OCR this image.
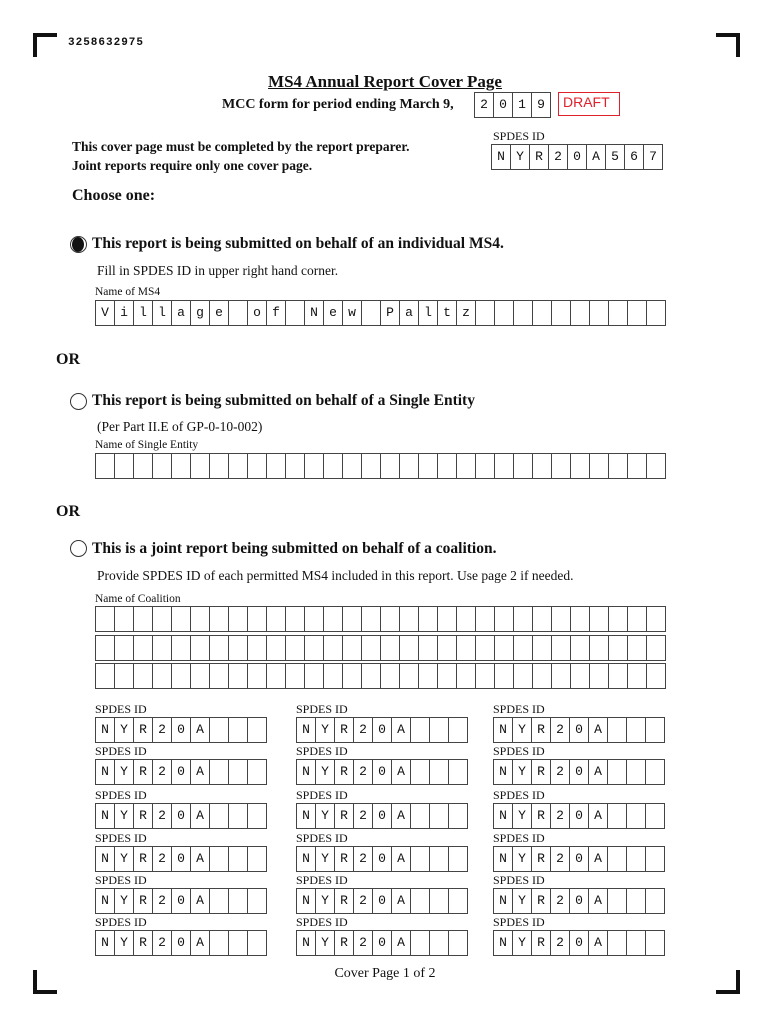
3258632975
MS4 Annual Report Cover Page
MCC form for period ending March 9,	2 0 1 9	DRAFT
This cover page must be completed by the report preparer.
Joint reports require only one cover page.
SPDES ID
N Y R 2 0 A 5 6 7
Choose one:
This report is being submitted on behalf of an individual MS4.
Fill in SPDES ID in upper right hand corner.
Name of MS4
V i l l a g e	o f	N e w	P a l t z
OR
This report is being submitted on behalf of a Single Entity
(Per Part II.E of GP-0-10-002)
Name of Single Entity
OR
This is a joint report being submitted on behalf of a coalition.
Provide SPDES ID of each permitted MS4 included in this report. Use page 2 if needed.
Name of Coalition
SPDES ID
N Y R 2 0 A
SPDES ID
N Y R 2 0 A
SPDES ID
N Y R 2 0 A
SPDES ID
N Y R 2 0 A
SPDES ID
N Y R 2 0 A
SPDES ID
N Y R 2 0 A
SPDES ID
N Y R 2 0 A
SPDES ID
N Y R 2 0 A
SPDES ID
N Y R 2 0 A
SPDES ID
N Y R 2 0 A
SPDES ID
N Y R 2 0 A
SPDES ID
N Y R 2 0 A
SPDES ID
N Y R 2 0 A
SPDES ID
N Y R 2 0 A
SPDES ID
N Y R 2 0 A
SPDES ID
N Y R 2 0 A
SPDES ID
N Y R 2 0 A
SPDES ID
N Y R 2 0 A
Cover Page 1 of 2
